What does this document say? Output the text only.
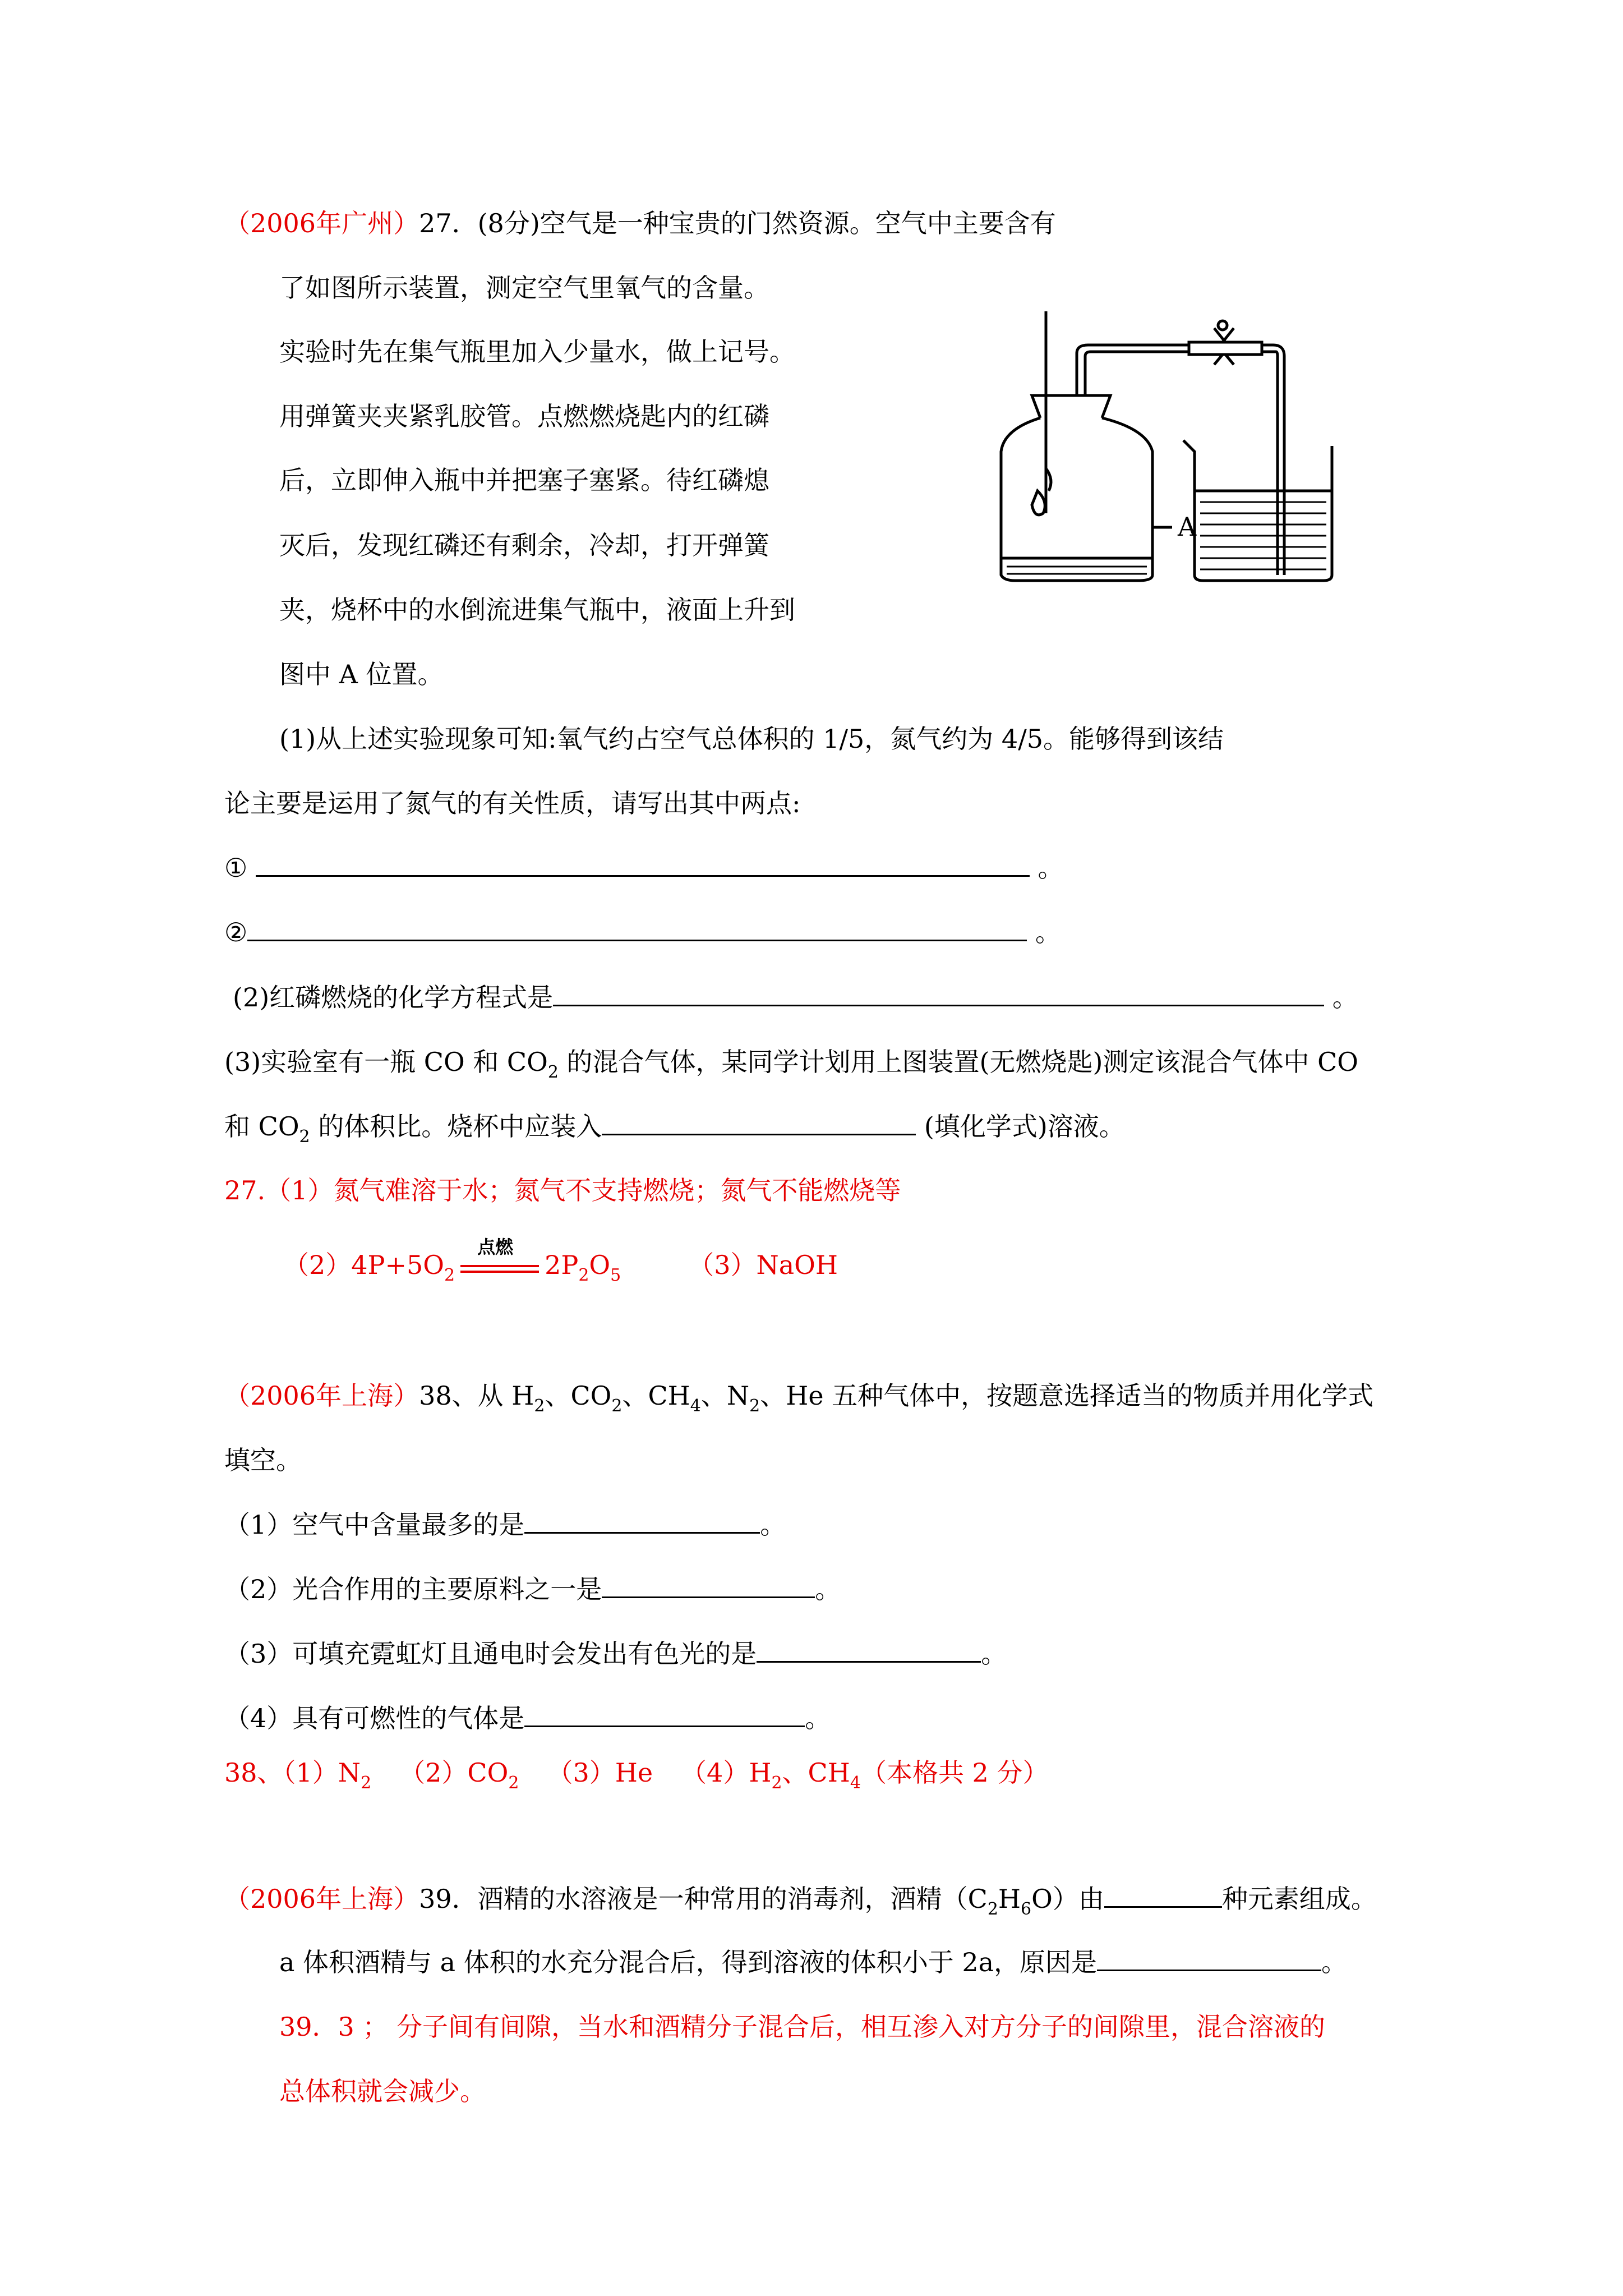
（2006年广州）27．(8分)空气是一种宝贵的门然资源。空气中主要含有
了如图所示装置，测定空气里氧气的含量。
实验时先在集气瓶里加入少量水，做上记号。
用弹簧夹夹紧乳胶管。点燃燃烧匙内的红磷
后，立即伸入瓶中并把塞子塞紧。待红磷熄
灭后，发现红磷还有剩余，冷却，打开弹簧
夹，烧杯中的水倒流进集气瓶中，液面上升到
图中 A 位置。
A
(1)从上述实验现象可知:氧气约占空气总体积的 1/5，氮气约为 4/5。能够得到该结
论主要是运用了氮气的有关性质，请写出其中两点:
①	。
②	。
(2)红磷燃烧的化学方程式是	。
(3)实验室有一瓶 CO 和 $CO_2$ 的混合气体，某同学计划用上图装置(无燃烧匙)测定该混合气体中 CO
和 $CO_2$ 的体积比。烧杯中应装入	(填化学式)溶液。
27.（1）氮气难溶于水；氮气不支持燃烧；氮气不能燃烧等
$(2)4P+5O_2$
点燃
$2P_2O_5$	（3）NaOH
（2006年上海）38、从 $H_2$、$CO_2$、$CH_4$、$N_2$、He 五种气体中，按题意选择适当的物质并用化学式
填空。
（1）空气中含量最多的是	。
（2）光合作用的主要原料之一是	。
（3）可填充霓虹灯且通电时会发出有色光的是	。
（4）具有可燃性的气体是	。
38、$(1)N_2$ $(2)CO_2$ （3）He $(4)H_2$、$CH_4$（本格共 2 分）
（2006年上海）39．酒精的水溶液是一种常用的消毒剂，酒精$(C_2H_6O)$由	种元素组成。
a 体积酒精与 a 体积的水充分混合后，得到溶液的体积小于 2a，原因是	。
39．3 ； 分子间有间隙，当水和酒精分子混合后，相互渗入对方分子的间隙里，混合溶液的
总体积就会减少。
